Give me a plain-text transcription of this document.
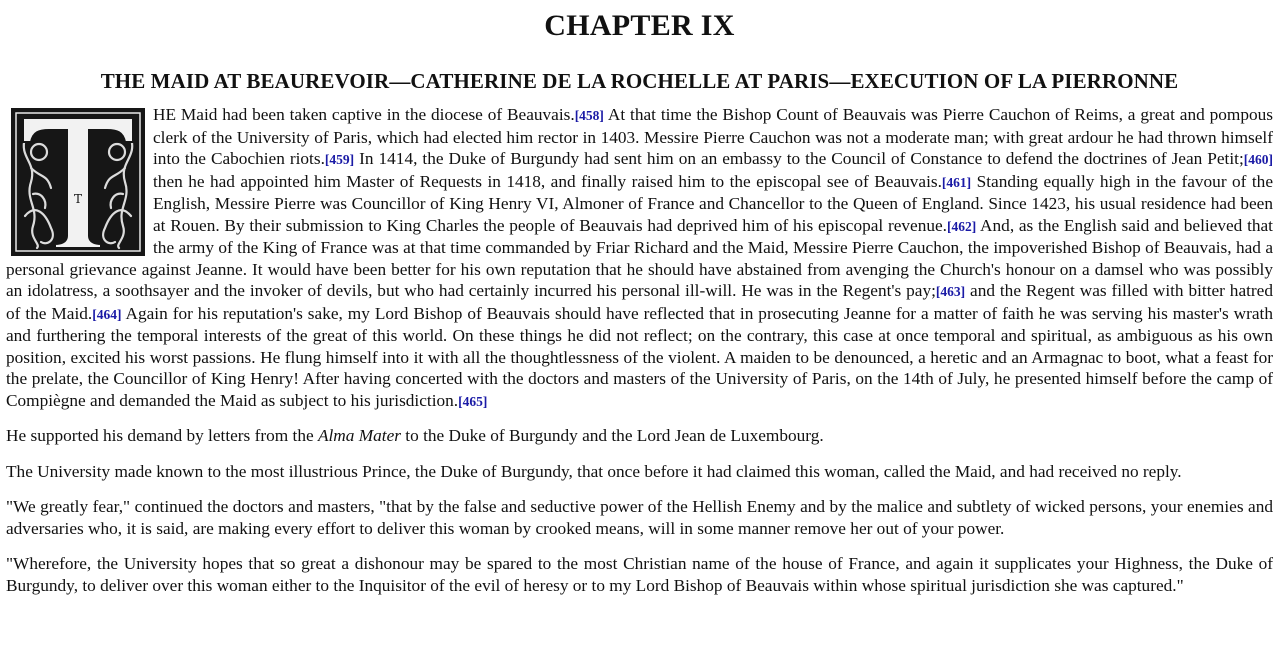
CHAPTER IX
THE MAID AT BEAUREVOIR—CATHERINE DE LA ROCHELLE AT PARIS—EXECUTION OF LA PIERRONNE

T
HE Maid had been taken captive in the diocese of Beauvais.[458] At that time the Bishop Count of Beauvais was Pierre Cauchon of Reims, a great and pompous clerk of the University of Paris, which had elected him rector in 1403. Messire Pierre Cauchon was not a moderate man; with great ardour he had thrown himself into the Cabochien riots.[459] In 1414, the Duke of Burgundy had sent him on an embassy to the Council of Constance to defend the doctrines of Jean Petit;[460] then he had appointed him Master of Requests in 1418, and finally raised him to the episcopal see of Beauvais.[461] Standing equally high in the favour of the English, Messire Pierre was Councillor of King Henry VI, Almoner of France and Chancellor to the Queen of England. Since 1423, his usual residence had been at Rouen. By their submission to King Charles the people of Beauvais had deprived him of his episcopal revenue.[462] And, as the English said and believed that the army of the King of France was at that time commanded by Friar Richard and the Maid, Messire Pierre Cauchon, the impoverished Bishop of Beauvais, had a personal grievance against Jeanne. It would have been better for his own reputation that he should have abstained from avenging the Church's honour on a damsel who was possibly an idolatress, a soothsayer and the invoker of devils, but who had certainly incurred his personal ill-will. He was in the Regent's pay;[463] and the Regent was filled with bitter hatred of the Maid.[464] Again for his reputation's sake, my Lord Bishop of Beauvais should have reflected that in prosecuting Jeanne for a matter of faith he was serving his master's wrath and furthering the temporal interests of the great of this world. On these things he did not reflect; on the contrary, this case at once temporal and spiritual, as ambiguous as his own position, excited his worst passions. He flung himself into it with all the thoughtlessness of the violent. A maiden to be denounced, a heretic and an Armagnac to boot, what a feast for the prelate, the Councillor of King Henry! After having concerted with the doctors and masters of the University of Paris, on the 14th of July, he presented himself before the camp of Compiègne and demanded the Maid as subject to his jurisdiction.[465]

He supported his demand by letters from the Alma Mater to the Duke of Burgundy and the Lord Jean de Luxembourg.

The University made known to the most illustrious Prince, the Duke of Burgundy, that once before it had claimed this woman, called the Maid, and had received no reply.

"We greatly fear," continued the doctors and masters, "that by the false and seductive power of the Hellish Enemy and by the malice and subtlety of wicked persons, your enemies and adversaries who, it is said, are making every effort to deliver this woman by crooked means, will in some manner remove her out of your power.

"Wherefore, the University hopes that so great a dishonour may be spared to the most Christian name of the house of France, and again it supplicates your Highness, the Duke of Burgundy, to deliver over this woman either to the Inquisitor of the evil of heresy or to my Lord Bishop of Beauvais within whose spiritual jurisdiction she was captured."
